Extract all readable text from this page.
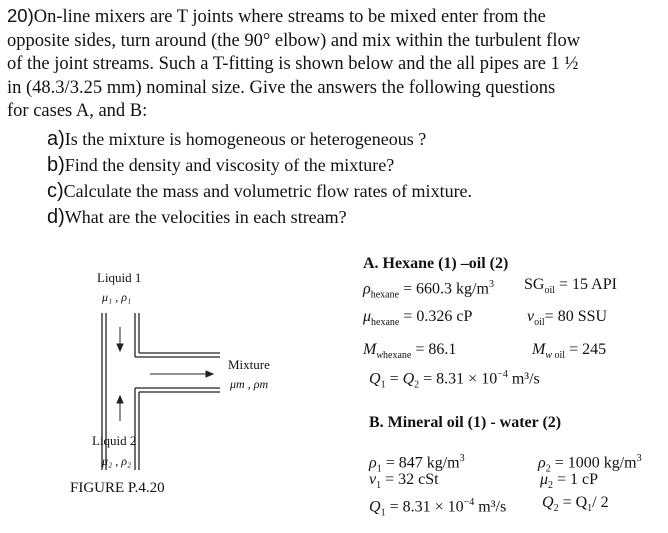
20)On-line mixers are T joints where streams to be mixed enter from the
opposite sides, turn around (the 90° elbow) and mix within the turbulent flow
of the joint streams. Such a T-fitting is shown below and the all pipes are 1 ½
in (48.3/3.25 mm) nominal size. Give the answers the following questions
for cases A, and B:
a)Is the mixture is homogeneous or heterogeneous ?
b)Find the density and viscosity of the mixture?
c)Calculate the mass and volumetric flow rates of mixture.
d)What are the velocities in each stream?
Liquid 1
μ₁ , ρ₁
Mixture
μm , ρm
Liquid 2
μ₂ , ρ₂
FIGURE P.4.20
A. Hexane (1) –oil (2)
$\rho_{hexane} = 660.3$ $kg/m^3$ $SG_{oil} = 15$ API
$\mu_{hexane} = 0.326$ cP	$\nu_{oil}= 80$ SSU
$M_{whexane} = 86.1$	$M_w$ $_{oil}$ = 245
$Q_1 = Q_2 = 8.31 \times 10^{-4}$ m³/s
B. Mineral oil (1) - water (2)
$\rho_1 = 847$ $kg/m^3$	$\rho_2 = 1000$ $kg/m^3$
$\nu_1 = 32$ cSt	$\mu_2 = 1$ cP
$Q_1 = 8.31 \times 10^{-4}$ m³/s $Q_2 = Q_1/$ 2
